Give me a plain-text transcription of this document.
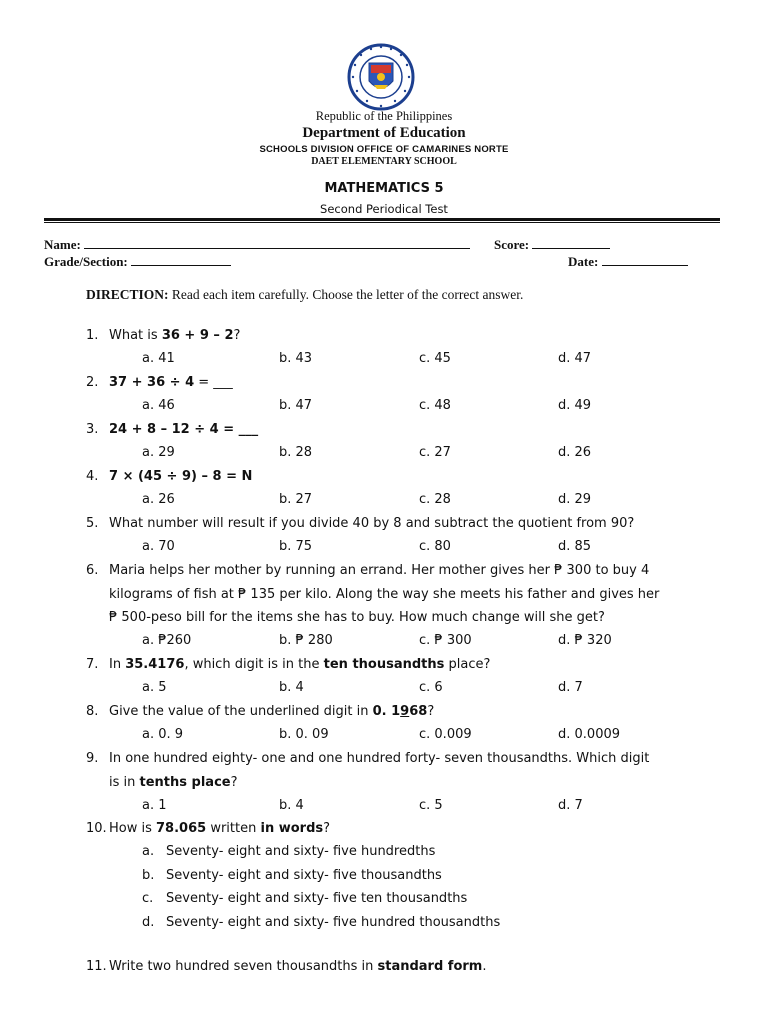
Republic of the Philippines
Department of Education
SCHOOLS DIVISION OFFICE OF CAMARINES NORTE
DAET ELEMENTARY SCHOOL
MATHEMATICS 5
Second Periodical Test
Name:	Score:
Grade/Section:	Date:
DIRECTION: Read each item carefully. Choose the letter of the correct answer.
1. What is 36 + 9 – 2?
a. 41	b. 43	c. 45	d. 47
2. 37 + 36 ÷ 4 = ___
a. 46	b. 47	c. 48	d. 49
3. 24 + 8 – 12 ÷ 4 = ___
a. 29	b. 28	c. 27	d. 26
4. 7 × (45 ÷ 9) – 8 = N
a. 26	b. 27	c. 28	d. 29
5. What number will result if you divide 40 by 8 and subtract the quotient from 90?
a. 70	b. 75	c. 80	d. 85
6. Maria helps her mother by running an errand. Her mother gives her ₱ 300 to buy 4
kilograms of fish at ₱ 135 per kilo. Along the way she meets his father and gives her
₱ 500-peso bill for the items she has to buy. How much change will she get?
a. ₱260	b. ₱ 280	c. ₱ 300	d. ₱ 320
7. In 35.4176, which digit is in the ten thousandths place?
a. 5	b. 4	c. 6	d. 7
8. Give the value of the underlined digit in 0. 1968?
a. 0. 9	b. 0. 09	c. 0.009	d. 0.0009
9. In one hundred eighty- one and one hundred forty- seven thousandths. Which digit
is in tenths place?
a. 1	b. 4	c. 5	d. 7
10. How is 78.065 written in words?
a. Seventy- eight and sixty- five hundredths
b. Seventy- eight and sixty- five thousandths
c. Seventy- eight and sixty- five ten thousandths
d. Seventy- eight and sixty- five hundred thousandths
11. Write two hundred seven thousandths in standard form.
